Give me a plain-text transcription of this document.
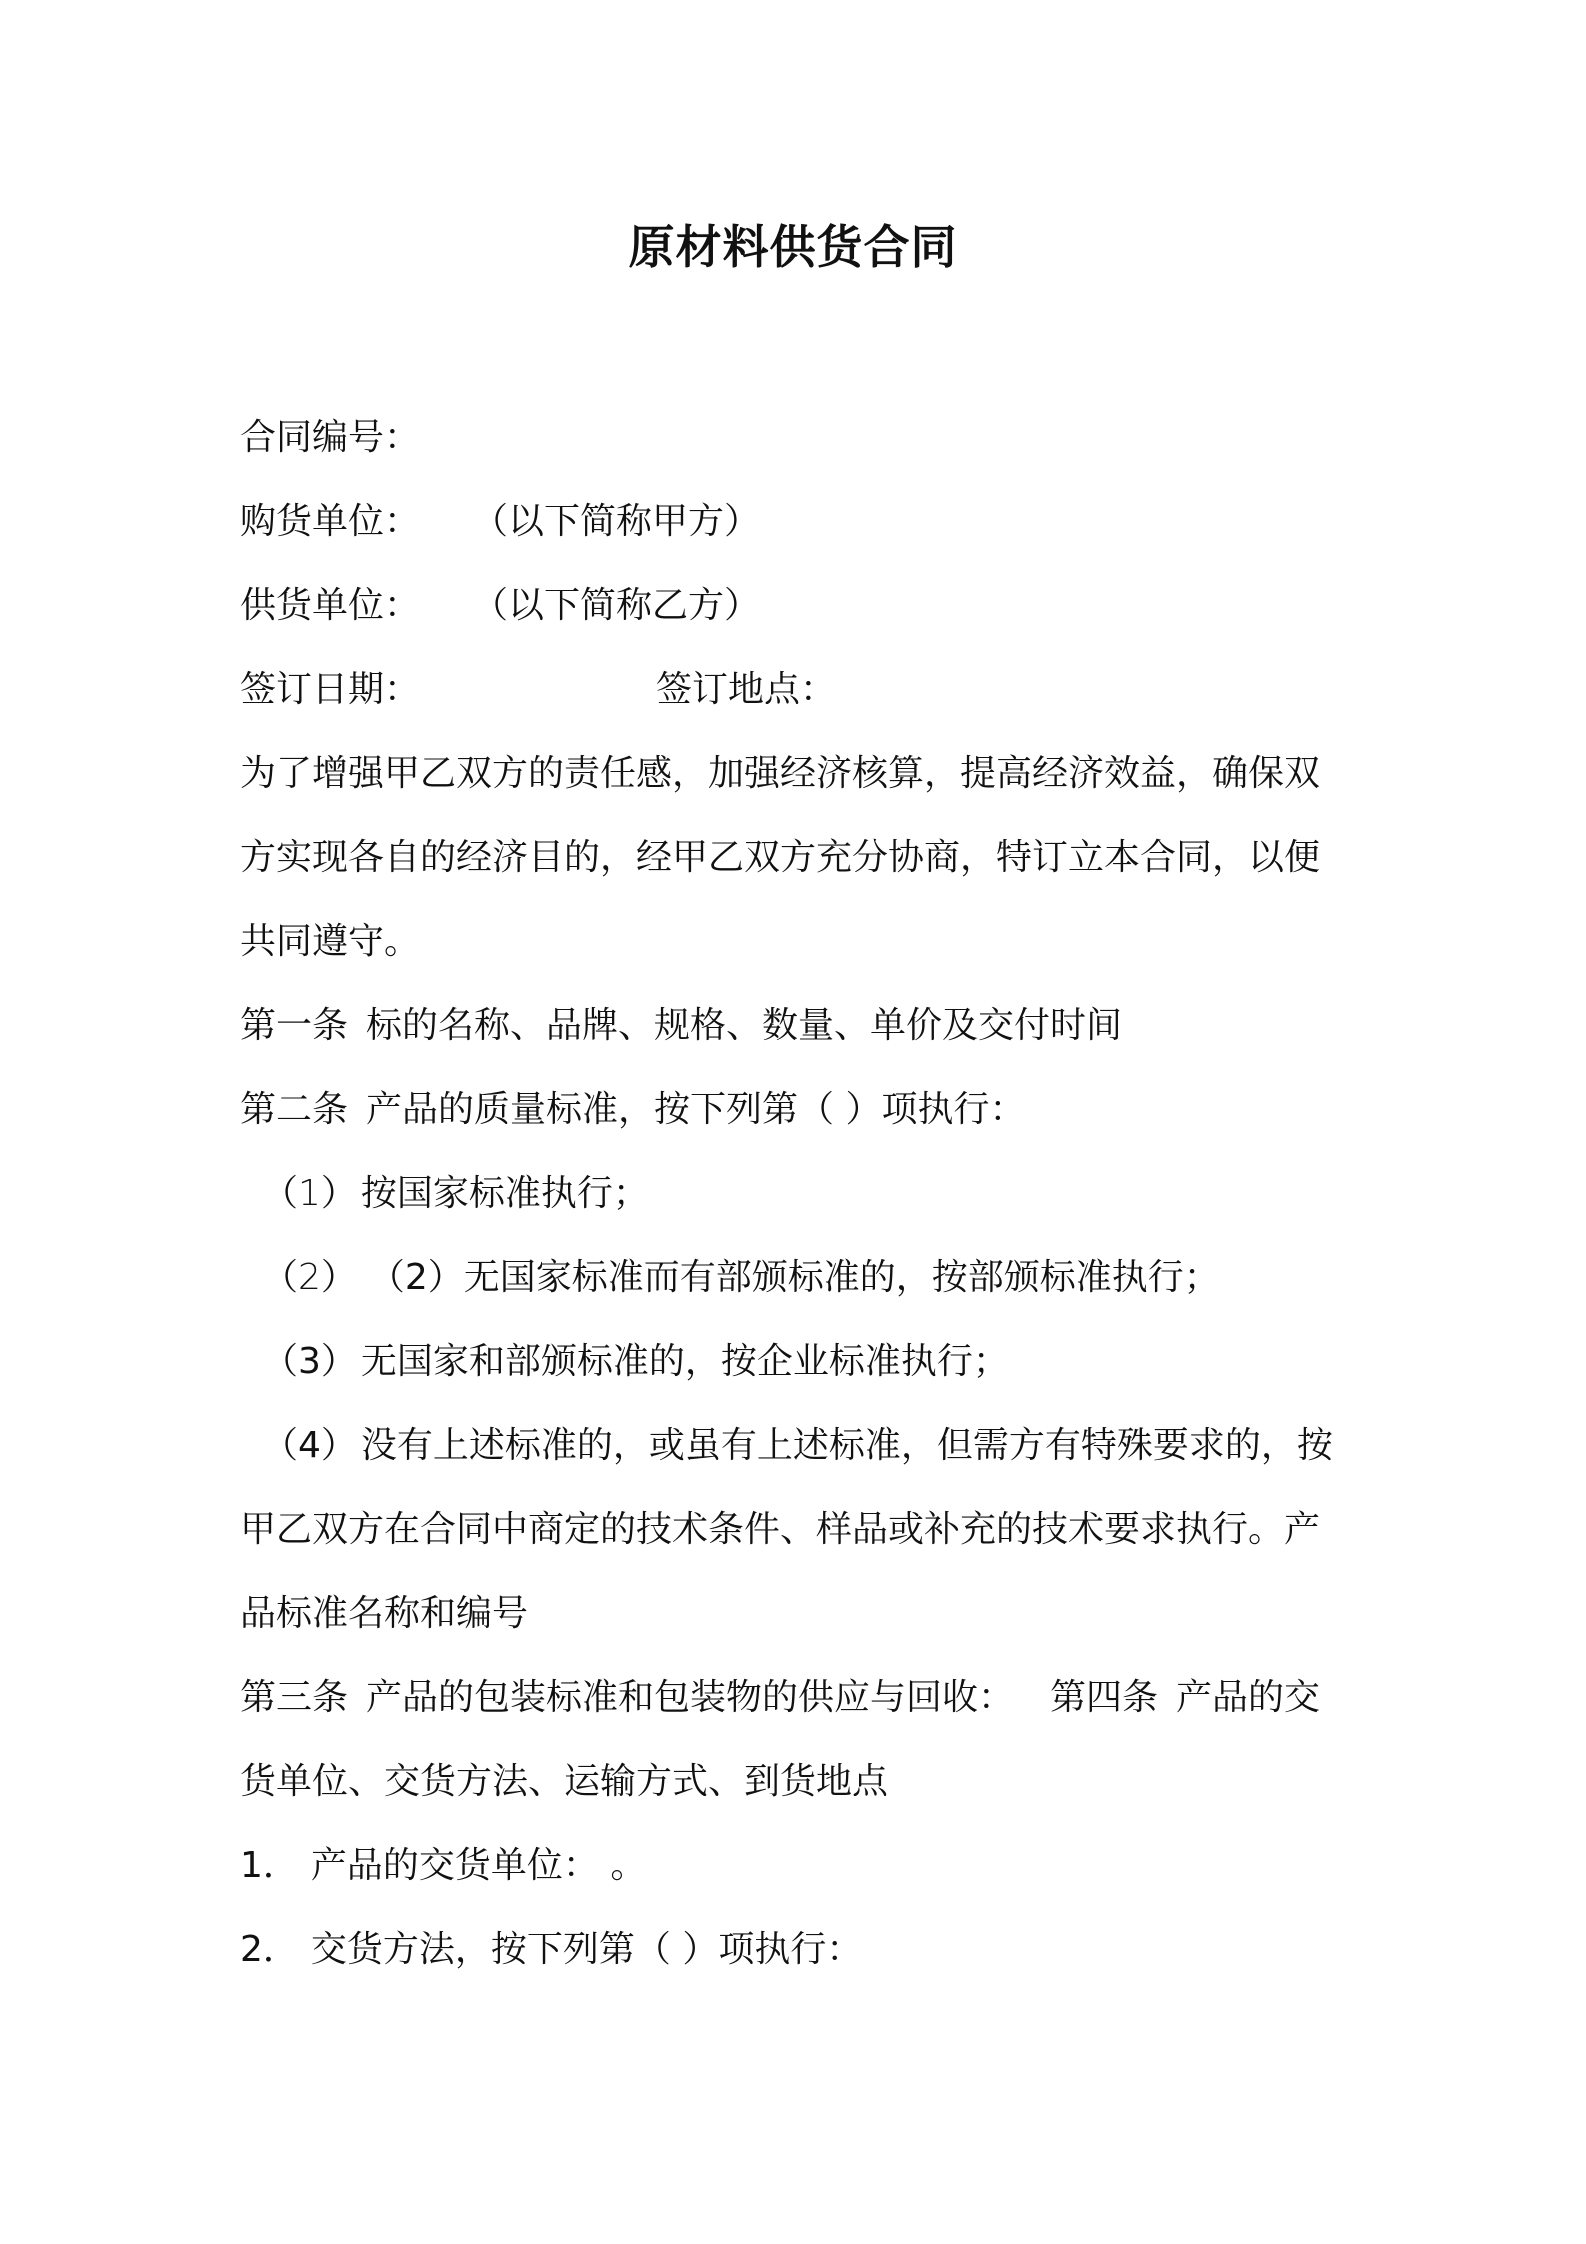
原材料供货合同
合同编号：
购货单位： （以下简称甲方）
供货单位： （以下简称乙方）
签订日期：	签订地点：
为了增强甲乙双方的责任感，加强经济核算，提高经济效益，确保双
方实现各自的经济目的，经甲乙双方充分协商，特订立本合同，以便
共同遵守。
第一条 标的名称、品牌、规格、数量、单价及交付时间
第二条 产品的质量标准，按下列第（ ）项执行：
（1） 按国家标准执行；
（2） （2）无国家标准而有部颁标准的，按部颁标准执行；
（3） 无国家和部颁标准的，按企业标准执行；
（4） 没有上述标准的，或虽有上述标准，但需方有特殊要求的，按
甲乙双方在合同中商定的技术条件、样品或补充的技术要求执行。产
品标准名称和编号
第三条 产品的包装标准和包装物的供应与回收： 第四条 产品的交
货单位、交货方法、运输方式、到货地点
1． 产品的交货单位： 。
2． 交货方法，按下列第（ ）项执行：
